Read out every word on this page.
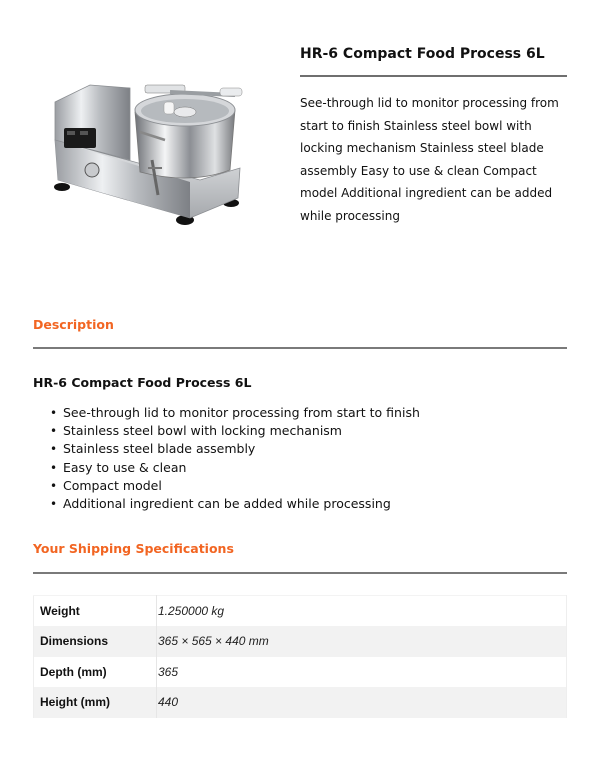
HR-6 Compact Food Process 6L

See-through lid to monitor processing from start to finish Stainless steel bowl with locking mechanism Stainless steel blade assembly Easy to use & clean Compact model Additional ingredient can be added while processing

Description
HR-6 Compact Food Process 6L
• See-through lid to monitor processing from start to finish
• Stainless steel bowl with locking mechanism
• Stainless steel blade assembly
• Easy to use & clean
• Compact model
• Additional ingredient can be added while processing
Your Shipping Specifications
Weight	1.250000 kg
Dimensions	365 × 565 × 440 mm
Depth (mm)	365
Height (mm)	440
